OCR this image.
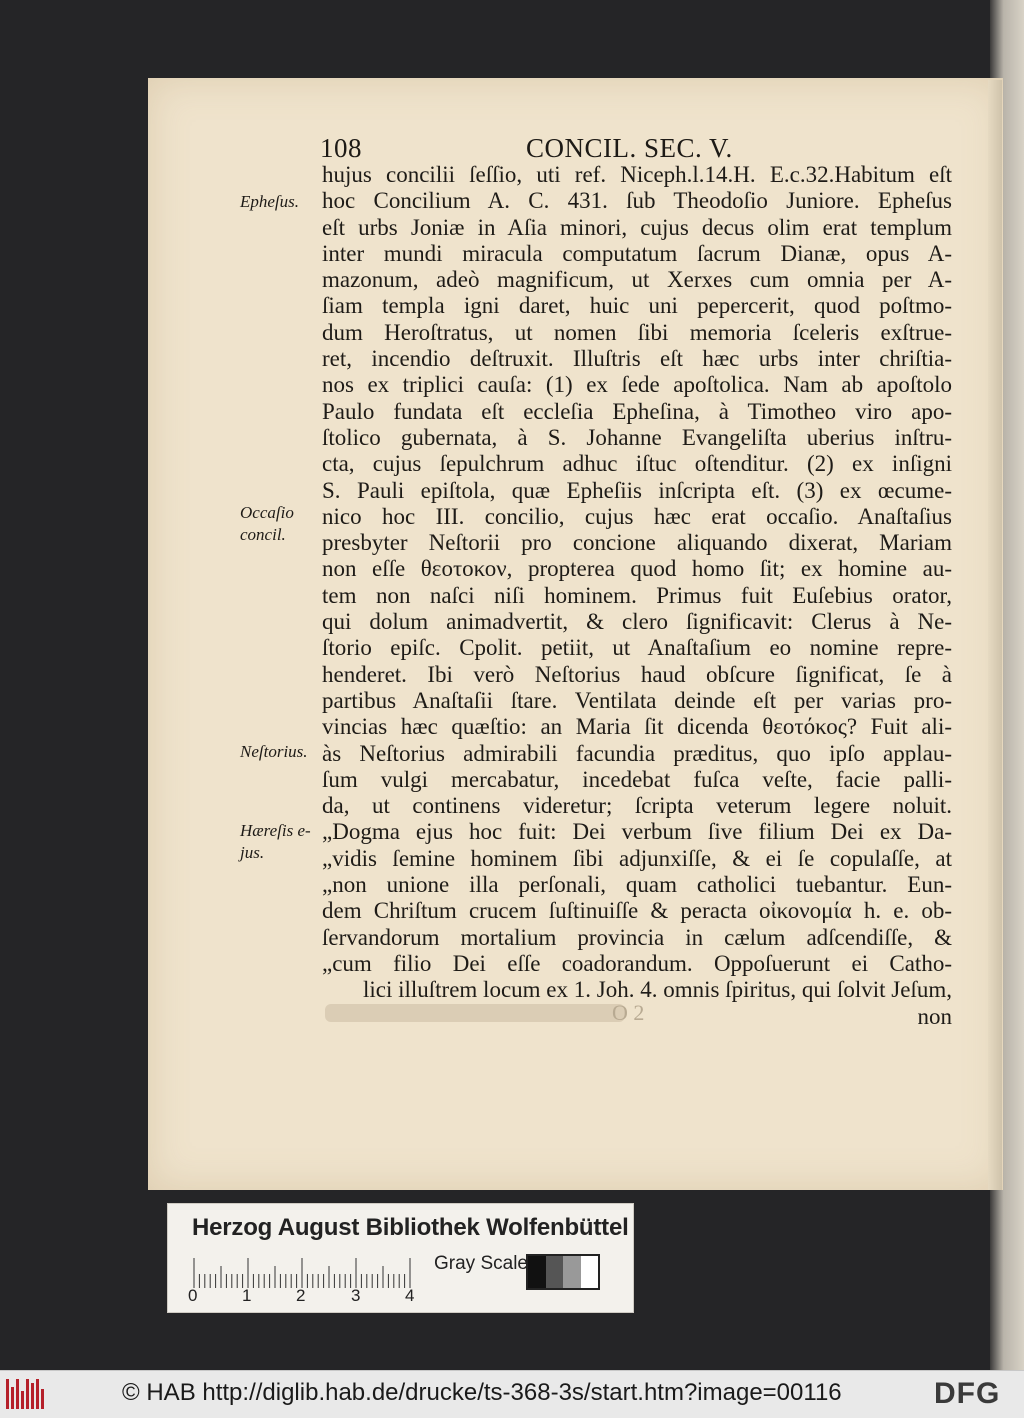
108	CONCIL. SEC. V.
hujus concilii ſeſſio, uti ref. Niceph.l.14.H. E.c.32.Habitum eſt
hoc Concilium A. C. 431. ſub Theodoſio Juniore. Epheſus
eſt urbs Joniæ in Aſia minori, cujus decus olim erat templum
inter mundi miracula computatum ſacrum Dianæ, opus A-
mazonum, adeò magnificum, ut Xerxes cum omnia per A-
ſiam templa igni daret, huic uni pepercerit, quod poſtmo-
dum Heroſtratus, ut nomen ſibi memoria ſceleris exſtrue-
ret, incendio deſtruxit. Illuſtris eſt hæc urbs inter chriſtia-
nos ex triplici cauſa: (1) ex ſede apoſtolica. Nam ab apoſtolo
Paulo fundata eſt eccleſia Epheſina, à Timotheo viro apo-
ſtolico gubernata, à S. Johanne Evangeliſta uberius inſtru-
cta, cujus ſepulchrum adhuc iſtuc oſtenditur. (2) ex inſigni
S. Pauli epiſtola, quæ Epheſiis inſcripta eſt. (3) ex œcume-
nico hoc III. concilio, cujus hæc erat occaſio. Anaſtaſius
presbyter Neſtorii pro concione aliquando dixerat, Mariam
non eſſe θεοτοκον, propterea quod homo ſit; ex homine au-
tem non naſci niſi hominem. Primus fuit Euſebius orator,
qui dolum animadvertit, & clero ſignificavit: Clerus à Ne-
ſtorio epiſc. Cpolit. petiit, ut Anaſtaſium eo nomine repre-
henderet. Ibi verò Neſtorius haud obſcure ſignificat, ſe à
partibus Anaſtaſii ſtare. Ventilata deinde eſt per varias pro-
vincias hæc quæſtio: an Maria ſit dicenda θεοτόκος? Fuit ali-
às Neſtorius admirabili facundia prӕditus, quo ipſo applau-
ſum vulgi mercabatur, incedebat fuſca veſte, facie palli-
da, ut continens videretur; ſcripta veterum legere noluit.
„Dogma ejus hoc fuit: Dei verbum ſive filium Dei ex Da-
„vidis ſemine hominem ſibi adjunxiſſe, & ei ſe copulaſſe, at
„non unione illa perſonali, quam catholici tuebantur. Eun-
dem Chriſtum crucem ſuſtinuiſſe & peracta οἰκονομία h. e. ob-
ſervandorum mortalium provincia in cælum adſcendiſſe, &
„cum filio Dei eſſe coadorandum. Oppoſuerunt ei Catho-
lici illuſtrem locum ex 1. Joh. 4. omnis ſpiritus, qui ſolvit Jeſum,
non
Epheſus.
Occaſio
concil.
Neſtorius.
Hæreſis e-
jus.
O 2
Herzog August Bibliothek Wolfenbüttel
0	1	2	3	4
Gray Scale
© HAB http://diglib.hab.de/drucke/ts-368-3s/start.htm?image=00116	DFG
